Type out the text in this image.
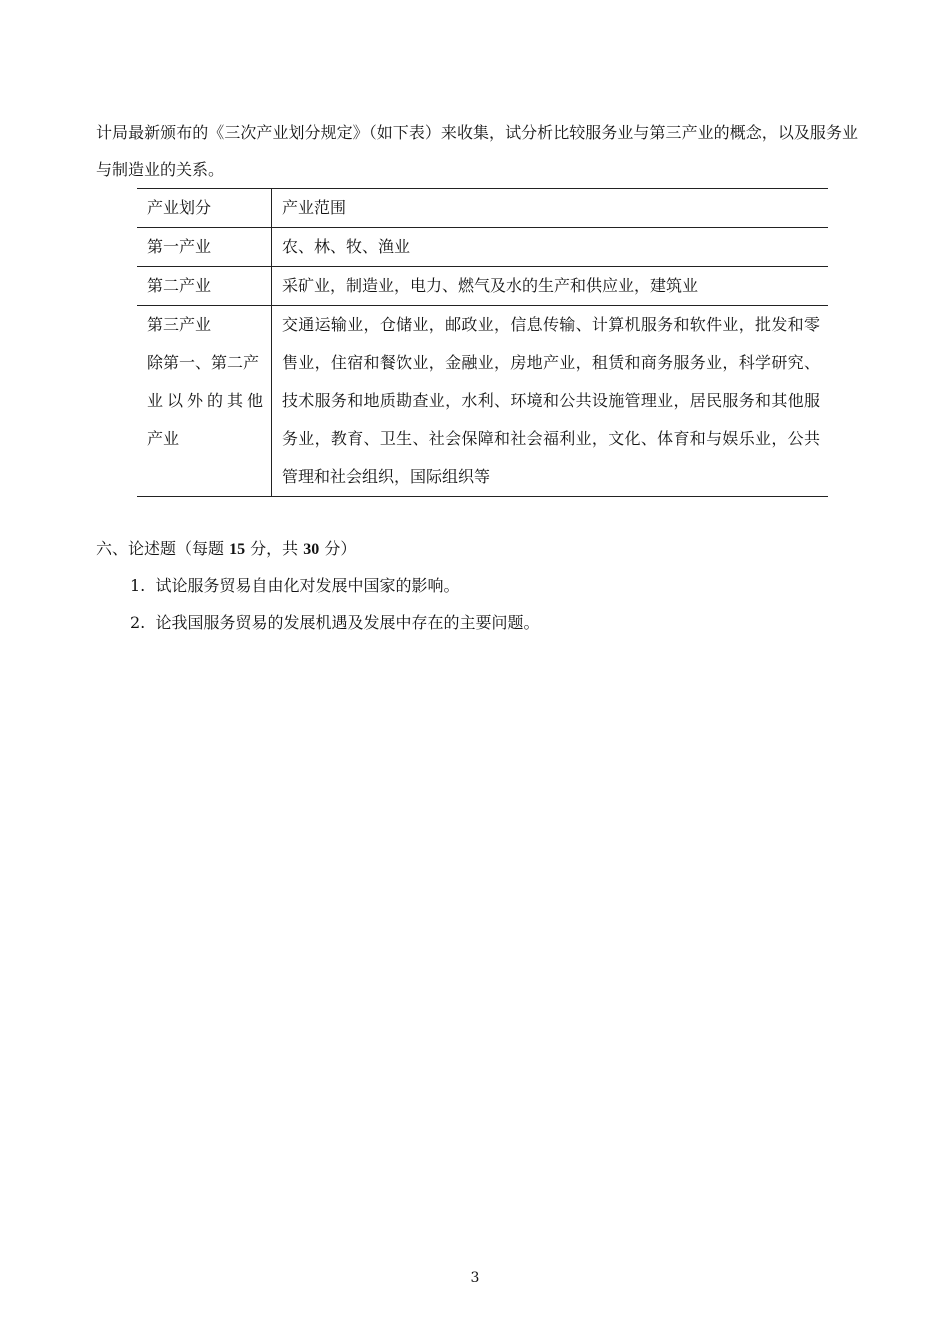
计局最新颁布的《三次产业划分规定》（如下表）来收集，试分析比较服务业与第三产业的概念，以及服务业与制造业的关系。
产业划分	产业范围
第一产业	农、林、牧、渔业
第二产业	采矿业，制造业，电力、燃气及水的生产和供应业，建筑业

第三产业
除第一、第二产
业以外的其他
产业	交通运输业，仓储业，邮政业，信息传输、计算机服务和软件业，批发和零售业，住宿和餐饮业，金融业，房地产业，租赁和商务服务业，科学研究、技术服务和地质勘查业，水利、环境和公共设施管理业，居民服务和其他服务业，教育、卫生、社会保障和社会福利业，文化、体育和与娱乐业，公共管理和社会组织，国际组织等
六、论述题（每题 15 分，共 30 分）
1.  试论服务贸易自由化对发展中国家的影响。
2.  论我国服务贸易的发展机遇及发展中存在的主要问题。
3
